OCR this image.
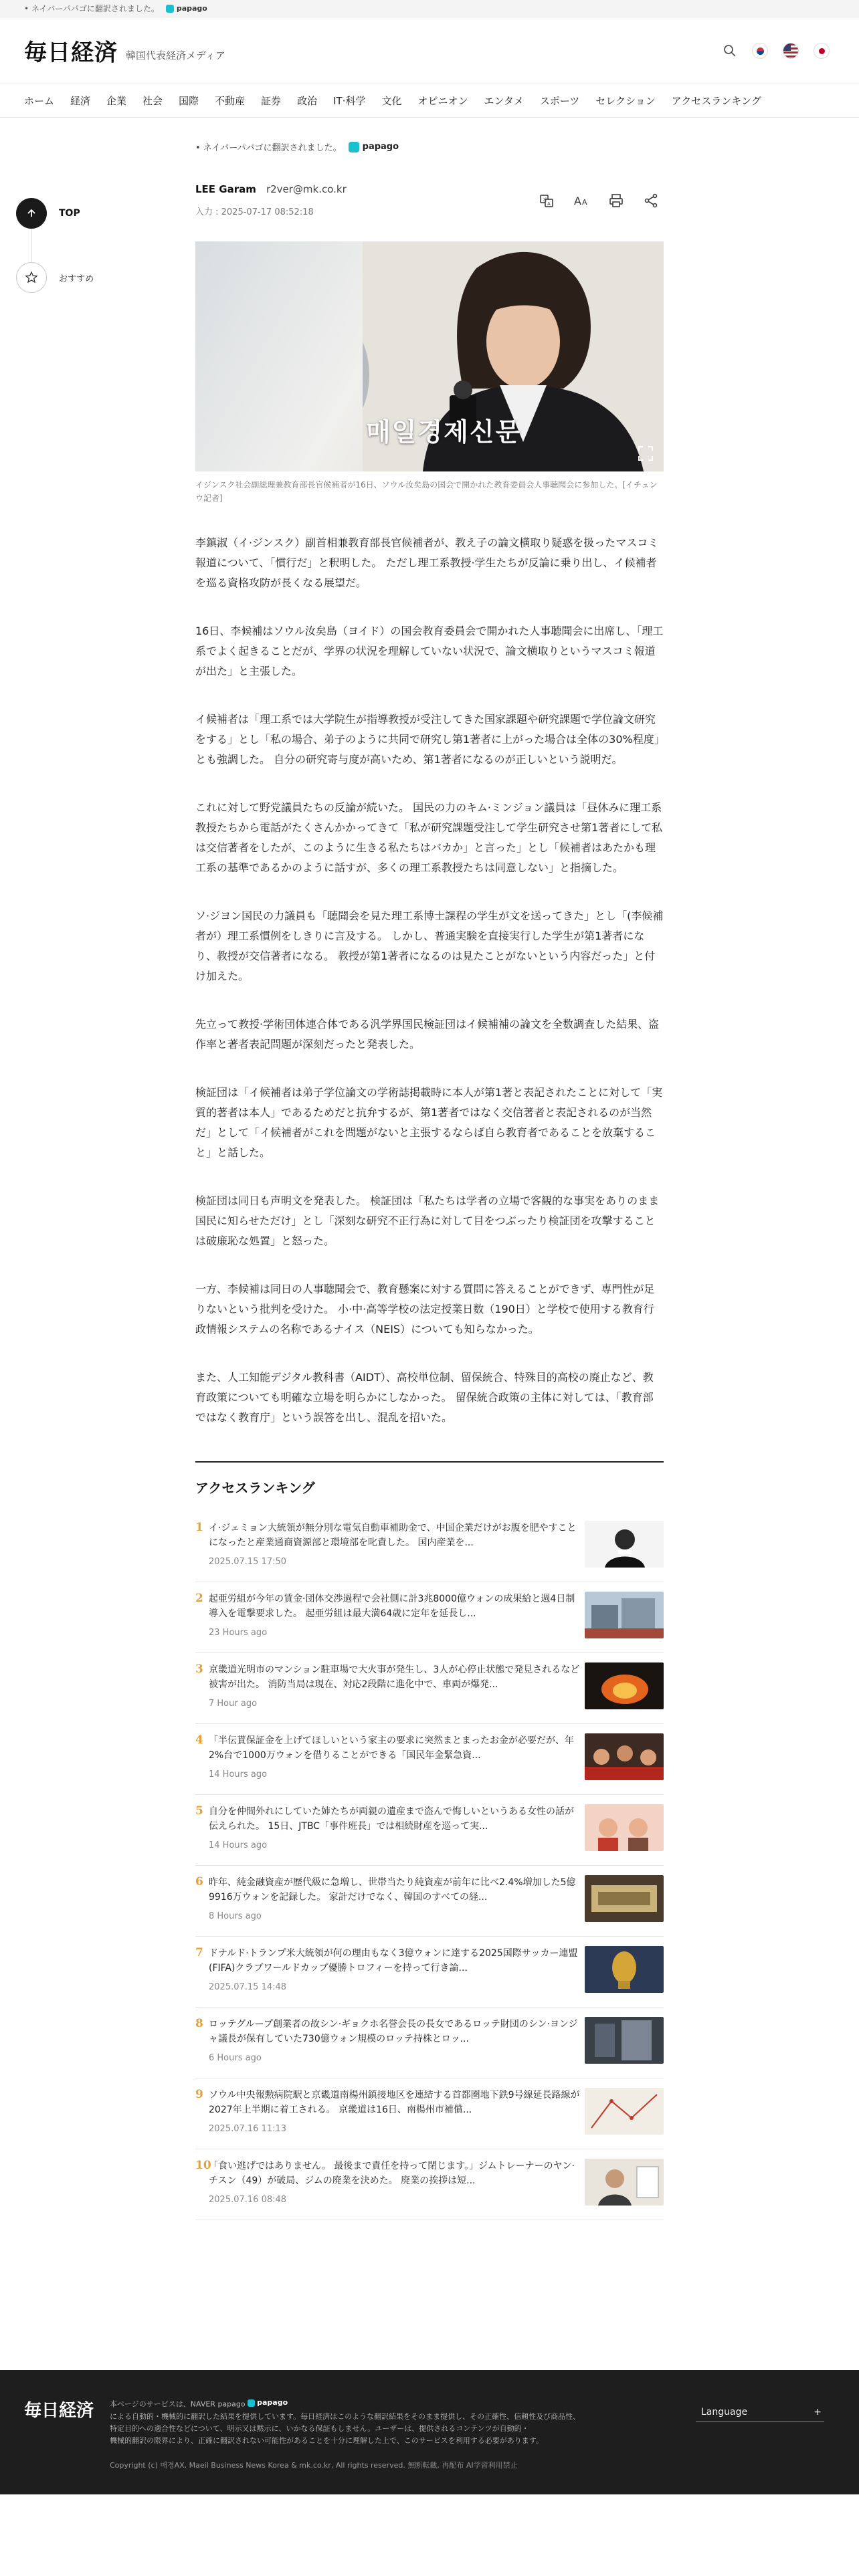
• ネイバーパパゴに翻訳されました。 papago
毎日経済 韓国代表経済メディア
ホーム 経済 企業 社会 国際 不動産 証券 政治 IT·科学 文化 オピニオン エンタメ スポーツ セレクション アクセスランキング
TOP
おすすめ
• ネイバーパパゴに翻訳されました。 papago
LEE Garam r2ver@mk.co.kr
入力 : 2025-07-17 08:52:18
가
A A A
매일경제신문
イジンスク社会副総理兼教育部長官候補者が16日、ソウル汝矣島の国会で開かれた教育委員会人事聴聞会に参加した。[イチュンウ記者]

李鎮淑（イ·ジンスク）副首相兼教育部長官候補者が、教え子の論文横取り疑惑を扱ったマスコミ報道について、「慣行だ」と釈明した。 ただし理工系教授·学生たちが反論に乗り出し、イ候補者を巡る資格攻防が長くなる展望だ。

16日、李候補はソウル汝矣島（ヨイド）の国会教育委員会で開かれた人事聴聞会に出席し、「理工系でよく起きることだが、学界の状況を理解していない状況で、論文横取りというマスコミ報道が出た」と主張した。

イ候補者は「理工系では大学院生が指導教授が受注してきた国家課題や研究課題で学位論文研究をする」とし「私の場合、弟子のように共同で研究し第1著者に上がった場合は全体の30%程度」とも強調した。 自分の研究寄与度が高いため、第1著者になるのが正しいという説明だ。

これに対して野党議員たちの反論が続いた。 国民の力のキム·ミンジョン議員は「昼休みに理工系教授たちから電話がたくさんかかってきて「私が研究課題受注して学生研究させ第1著者にして私は交信著者をしたが、このように生きる私たちはバカか」と言った」とし「候補者はあたかも理工系の基準であるかのように話すが、多くの理工系教授たちは同意しない」と指摘した。

ソ·ジヨン国民の力議員も「聴聞会を見た理工系博士課程の学生が文を送ってきた」とし「(李候補者が）理工系慣例をしきりに言及する。 しかし、普通実験を直接実行した学生が第1著者になり、教授が交信著者になる。 教授が第1著者になるのは見たことがないという内容だった」と付け加えた。

先立って教授·学術団体連合体である汎学界国民検証団はイ候補補の論文を全数調査した結果、盗作率と著者表記問題が深刻だったと発表した。

検証団は「イ候補者は弟子学位論文の学術誌掲載時に本人が第1著と表記されたことに対して「実質的著者は本人」であるためだと抗弁するが、第1著者ではなく交信著者と表記されるのが当然だ」として「イ候補者がこれを問題がないと主張するならば自ら教育者であることを放棄すること」と話した。

検証団は同日も声明文を発表した。 検証団は「私たちは学者の立場で客観的な事実をありのまま国民に知らせただけ」とし「深刻な研究不正行為に対して目をつぶったり検証団を攻撃することは破廉恥な処置」と怒った。

一方、李候補は同日の人事聴聞会で、教育懸案に対する質問に答えることができず、専門性が足りないという批判を受けた。 小·中·高等学校の法定授業日数（190日）と学校で使用する教育行政情報システムの名称であるナイス（NEIS）についても知らなかった。

また、人工知能デジタル教科書（AIDT）、高校単位制、留保統合、特殊目的高校の廃止など、教育政策についても明確な立場を明らかにしなかった。 留保統合政策の主体に対しては、「教育部ではなく教育庁」という誤答を出し、混乱を招いた。

アクセスランキング
1 イ·ジェミョン大統領が無分別な電気自動車補助金で、中国企業だけがお腹を肥やすことになったと産業通商資源部と環境部を叱責した。 国内産業を...
2025.07.15 17:50
2 起亜労組が今年の賃金·団体交渉過程で会社側に計3兆8000億ウォンの成果給と週4日制導入を電撃要求した。 起亜労組は最大満64歳に定年を延長し...
23 Hours ago
3 京畿道光明市のマンション駐車場で大火事が発生し、3人が心停止状態で発見されるなど被害が出た。 消防当局は現在、対応2段階に進化中で、車両が爆発...
7 Hour ago
4 「半伝貰保証金を上げてほしいという家主の要求に突然まとまったお金が必要だが、年2%台で1000万ウォンを借りることができる「国民年金緊急資...
14 Hours ago
5 自分を仲間外れにしていた姉たちが両親の遺産まで盗んで悔しいというある女性の話が伝えられた。 15日、JTBC「事件班長」では相続財産を巡って実...
14 Hours ago
6 昨年、純金融資産が歴代級に急増し、世帯当たり純資産が前年に比べ2.4%増加した5億9916万ウォンを記録した。 家計だけでなく、韓国のすべての経...
8 Hours ago
7 ドナルド·トランプ米大統領が何の理由もなく3億ウォンに達する2025国際サッカー連盟(FIFA)クラブワールドカップ優勝トロフィーを持って行き論...
2025.07.15 14:48
8 ロッテグループ創業者の故シン·ギョクホ名誉会長の長女であるロッテ財団のシン·ヨンジャ議長が保有していた730億ウォン規模のロッテ持株とロッ...
6 Hours ago
9 ソウル中央報勲病院駅と京畿道南楊州鎮接地区を連結する首都圏地下鉄9号線延長路線が2027年上半期に着工される。 京畿道は16日、南楊州市補償...
2025.07.16 11:13
10
「食い逃げではありません。 最後まで責任を持って閉じます。」ジムトレーナーのヤン·チスン（49）が破局、ジムの廃業を決めた。 廃業の挨拶は短...
2025.07.16 08:48
毎日経済 本ページのサービスは、NAVER papago papago
による自動的・機械的に翻訳した結果を提供しています。毎日経済はこのような翻訳結果をそのまま提供し、その正確性、信頼性及び商品性、
特定目的への適合性などについて、明示又は黙示に、いかなる保証もしません。ユーザーは、提供されるコンテンツが自動的・
機械的翻訳の限界により、正確に翻訳されない可能性があることを十分に理解した上で、このサービスを利用する必要があります。
Copyright (c) 매경AX, Maeil Business News Korea & mk.co.kr, All rights reserved. 無断転載, 再配布 AI学習利用禁止
Language	+
